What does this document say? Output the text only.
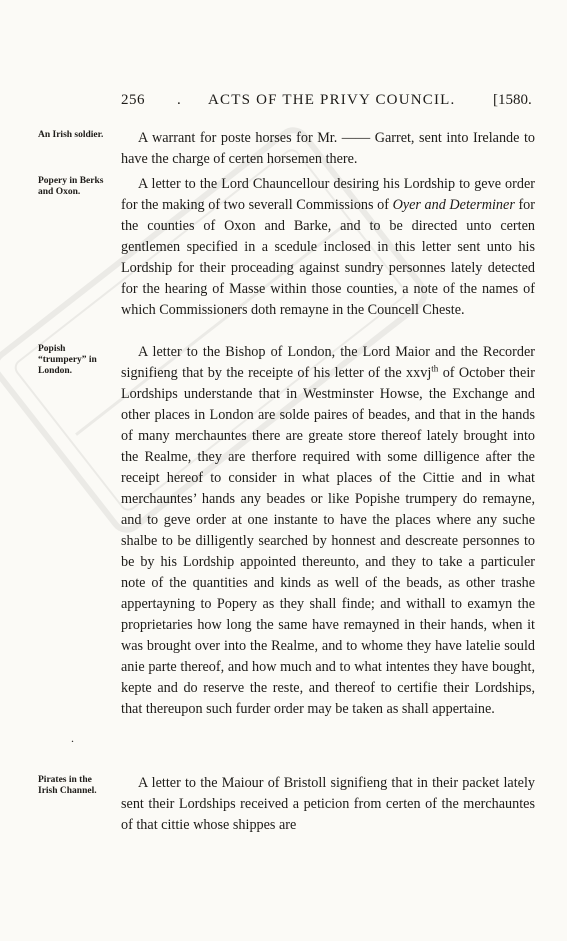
256 . ACTS OF THE PRIVY COUNCIL.	[1580.
An Irish soldier.	A warrant for poste horses for Mr. —— Garret, sent into Irelande to have the charge of certen horsemen there.

Popery in Berks and Oxon.	A letter to the Lord Chauncellour desiring his Lordship to geve order for the making of two severall Commissions of Oyer and Determiner for the counties of Oxon and Barke, and to be directed unto certen gentlemen specified in a scedule inclosed in this letter sent unto his Lordship for their proceading against sundry personnes lately detected for the hearing of Masse within those counties, a note of the names of which Commissioners doth remayne in the Councell Cheste.

Popish “trumpery” in London.

A letter to the Bishop of London, the Lord Maior and the Recorder signifieng that by the receipte of his letter of the xxvj$^{th}$ of October their Lordships understande that in Westminster Howse, the Exchange and other places in London are solde paires of beades, and that in the hands of many merchauntes there are greate store thereof lately brought into the Realme, they are therfore required with some dilligence after the receipt hereof to consider in what places of the Cittie and in what merchauntes’ hands any beades or like Popishe trumpery do remayne, and to geve order at one instante to have the places where any suche shalbe to be dilligently searched by honnest and descreate personnes to be by his Lordship appointed thereunto, and they to take a particuler note of the quantities and kinds as well of the beads, as other trashe appertayning to Popery as they shall finde; and withall to examyn the proprietaries how long the same have remayned in their hands, when it was brought over into the Realme, and to whome they have latelie sould anie parte thereof, and how much and to what intentes they have bought, kepte and do reserve the reste, and thereof to certifie their Lordships, that thereupon such furder order may be taken as shall appertaine.

.
Pirates in the Irish Channel.	A letter to the Maiour of Bristoll signifieng that in their packet lately sent their Lordships received a peticion from certen of the merchauntes of that cittie whose shippes are
